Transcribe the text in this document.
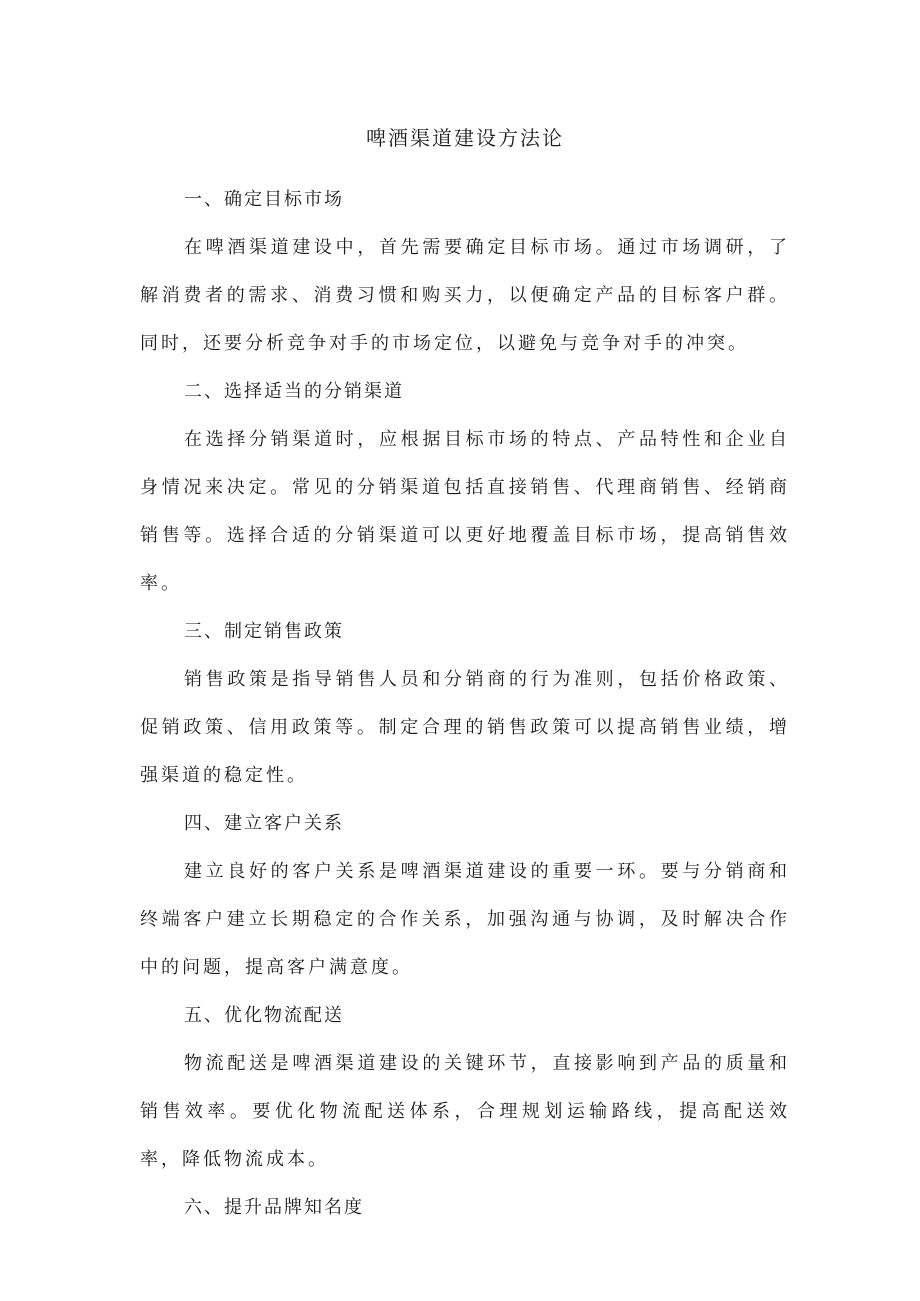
啤酒渠道建设方法论
一、确定目标市场

在啤酒渠道建设中，首先需要确定目标市场。通过市场调研，了解消费者的需求、消费习惯和购买力，以便确定产品的目标客户群。同时，还要分析竞争对手的市场定位，以避免与竞争对手的冲突。

二、选择适当的分销渠道

在选择分销渠道时，应根据目标市场的特点、产品特性和企业自身情况来决定。常见的分销渠道包括直接销售、代理商销售、经销商销售等。选择合适的分销渠道可以更好地覆盖目标市场，提高销售效率。

三、制定销售政策

销售政策是指导销售人员和分销商的行为准则，包括价格政策、促销政策、信用政策等。制定合理的销售政策可以提高销售业绩，增强渠道的稳定性。

四、建立客户关系

建立良好的客户关系是啤酒渠道建设的重要一环。要与分销商和终端客户建立长期稳定的合作关系，加强沟通与协调，及时解决合作中的问题，提高客户满意度。

五、优化物流配送

物流配送是啤酒渠道建设的关键环节，直接影响到产品的质量和销售效率。要优化物流配送体系，合理规划运输路线，提高配送效率，降低物流成本。

六、提升品牌知名度
